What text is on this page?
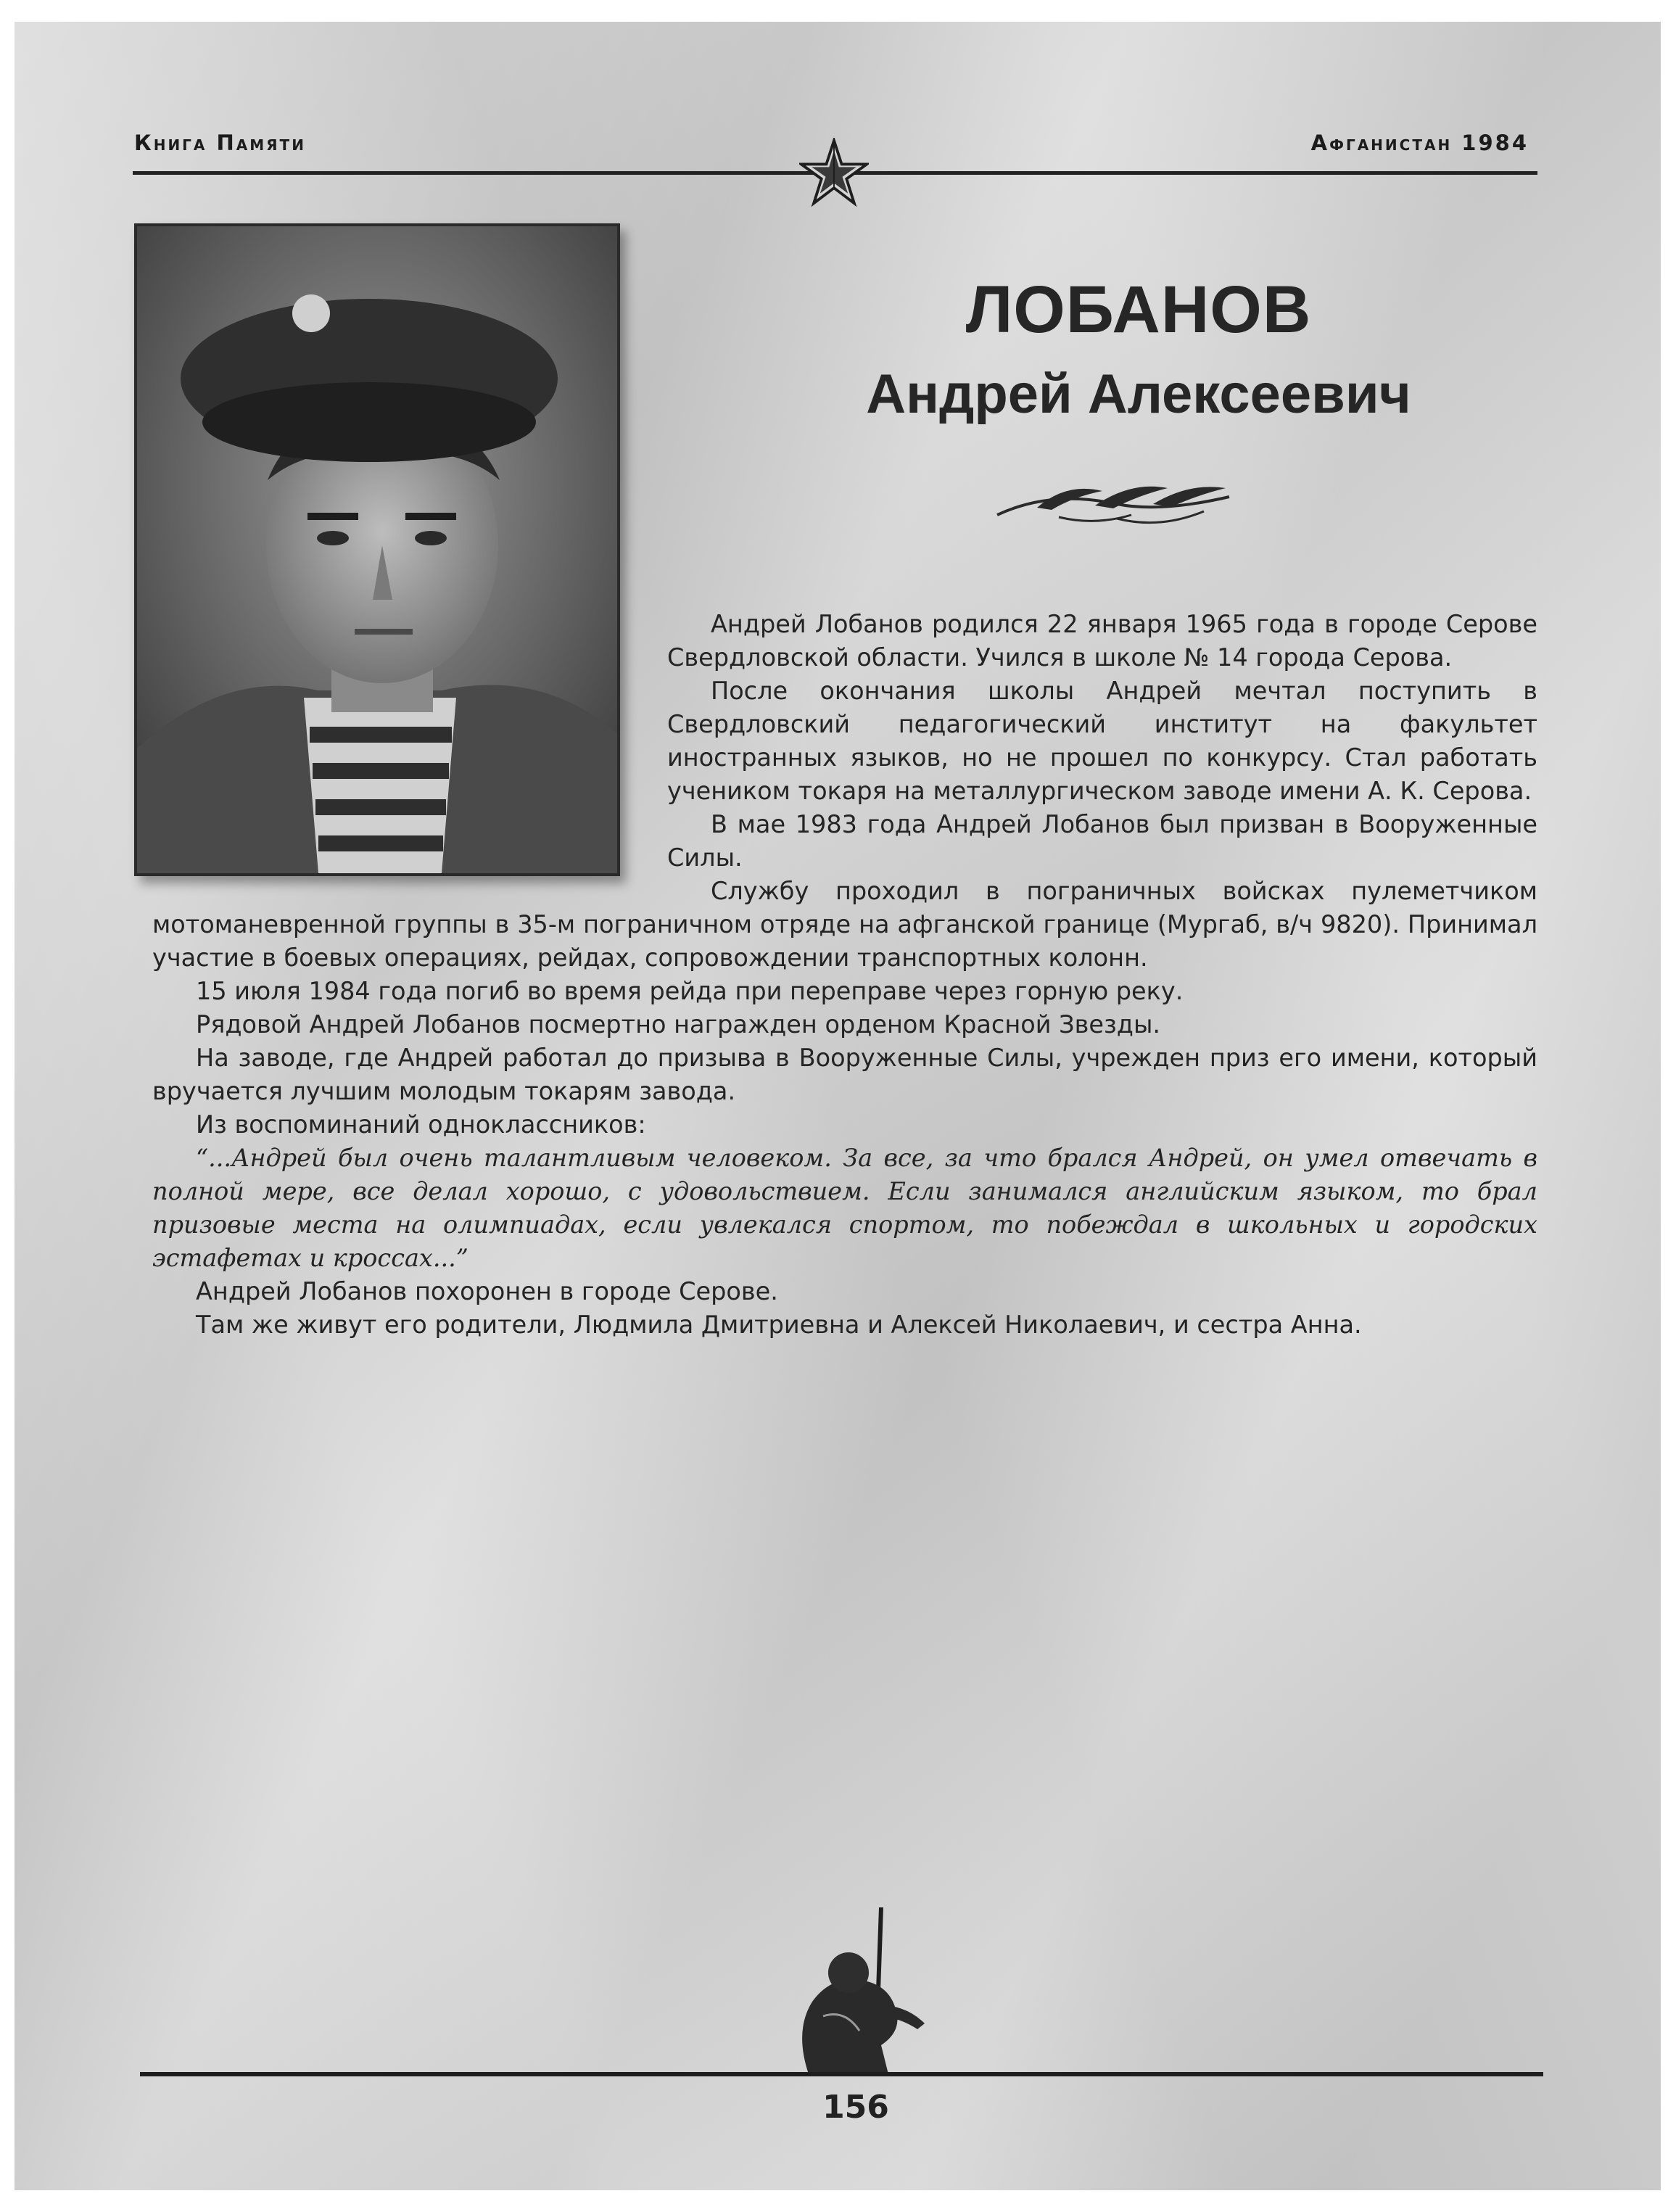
Книга Памяти	Афганистан 1984
ЛОБАНОВ
Андрей Алексеевич

Андрей Лобанов родился 22 января 1965 года в городе Серове Свердловской области. Учился в школе № 14 города Серова.

После окончания школы Андрей мечтал поступить в Свердловский педагогический институт на факультет иностранных языков, но не прошел по конкурсу. Стал работать учеником токаря на металлургическом заводе имени А. К. Серова.

В мае 1983 года Андрей Лобанов был призван в Вооруженные Силы.

Службу проходил в пограничных войсках пулеметчиком мотоманевренной группы в 35-м пограничном отряде на афганской границе (Мургаб, в/ч 9820). Принимал участие в боевых операциях, рейдах, сопровождении транспортных колонн.

15 июля 1984 года погиб во время рейда при переправе через горную реку.

Рядовой Андрей Лобанов посмертно награжден орденом Красной Звезды.

На заводе, где Андрей работал до призыва в Вооруженные Силы, учрежден приз его имени, который вручается лучшим молодым токарям завода.

Из воспоминаний одноклассников:

“...Андрей был очень талантливым человеком. За все, за что брался Андрей, он умел отвечать в полной мере, все делал хорошо, с удовольствием. Если занимался английским языком, то брал призовые места на олимпиадах, если увлекался спортом, то побеждал в школьных и городских эстафетах и кроссах...”

Андрей Лобанов похоронен в городе Серове.

Там же живут его родители, Людмила Дмитриевна и Алексей Николаевич, и сестра Анна.

156
